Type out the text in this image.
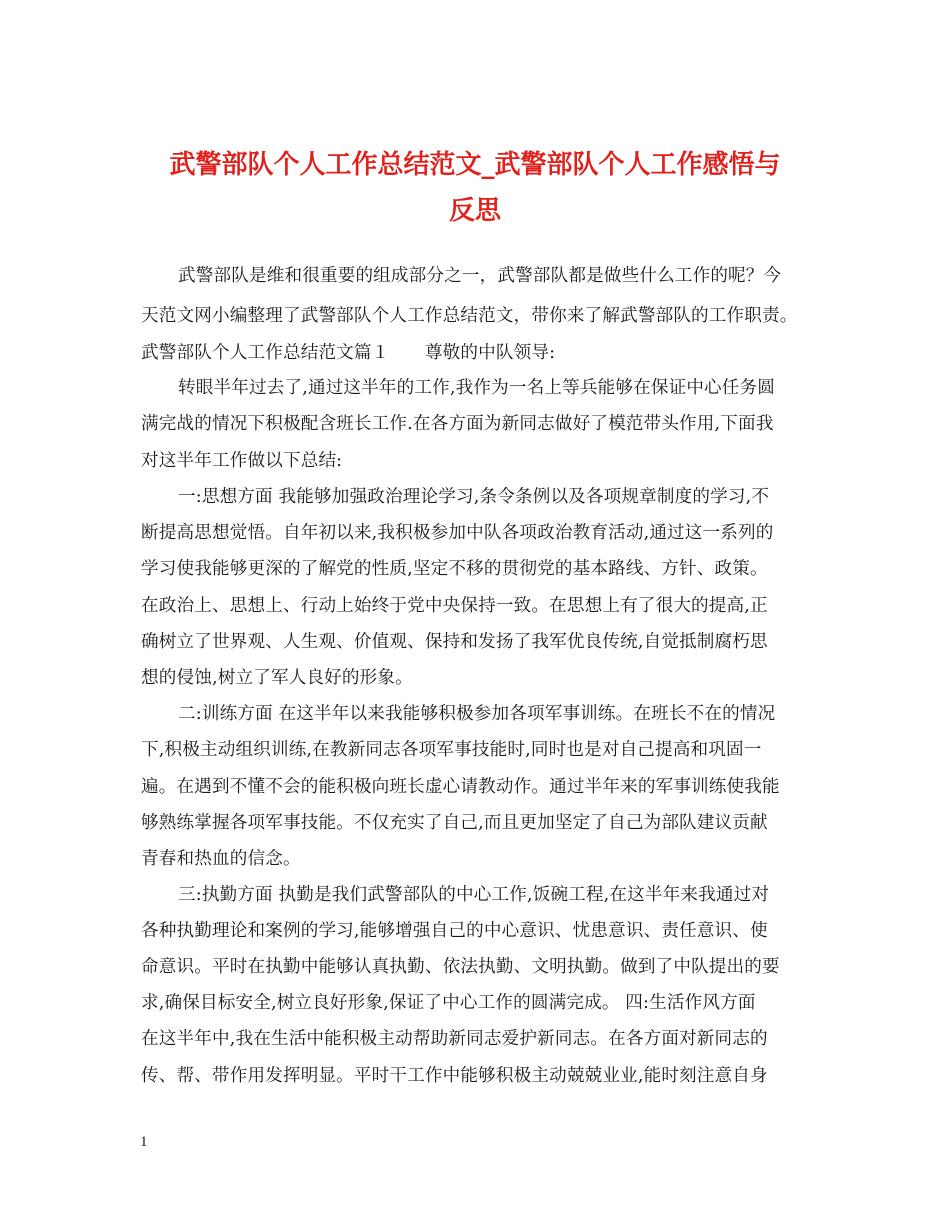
武警部队个人工作总结范文_武警部队个人工作感悟与
反思
武警部队是维和很重要的组成部分之一，武警部队都是做些什么工作的呢？今
天范文网小编整理了武警部队个人工作总结范文，带你来了解武警部队的工作职责。
武警部队个人工作总结范文篇１　　尊敬的中队领导:
转眼半年过去了,通过这半年的工作,我作为一名上等兵能够在保证中心任务圆
满完战的情况下积极配含班长工作.在各方面为新同志做好了模范带头作用,下面我
对这半年工作做以下总结:
一:思想方面 我能够加强政治理论学习,条令条例以及各项规章制度的学习,不
断提高思想觉悟。自年初以来,我积极参加中队各项政治教育活动,通过这一系列的
学习使我能够更深的了解党的性质,坚定不移的贯彻党的基本路线、方针、政策。
在政治上、思想上、行动上始终于党中央保持一致。在思想上有了很大的提高,正
确树立了世界观、人生观、价值观、保持和发扬了我军优良传统,自觉抵制腐朽思
想的侵蚀,树立了军人良好的形象。
二:训练方面 在这半年以来我能够积极参加各项军事训练。在班长不在的情况
下,积极主动组织训练,在教新同志各项军事技能时,同时也是对自己提高和巩固一
遍。在遇到不懂不会的能积极向班长虚心请教动作。通过半年来的军事训练使我能
够熟练掌握各项军事技能。不仅充实了自己,而且更加坚定了自己为部队建议贡献
青春和热血的信念。
三:执勤方面 执勤是我们武警部队的中心工作,饭碗工程,在这半年来我通过对
各种执勤理论和案例的学习,能够增强自己的中心意识、忧患意识、责任意识、使
命意识。平时在执勤中能够认真执勤、依法执勤、文明执勤。做到了中队提出的要
求,确保目标安全,树立良好形象,保证了中心工作的圆满完成。 四:生活作风方面
在这半年中,我在生活中能积极主动帮助新同志爱护新同志。在各方面对新同志的
传、帮、带作用发挥明显。平时干工作中能够积极主动兢兢业业,能时刻注意自身
1
